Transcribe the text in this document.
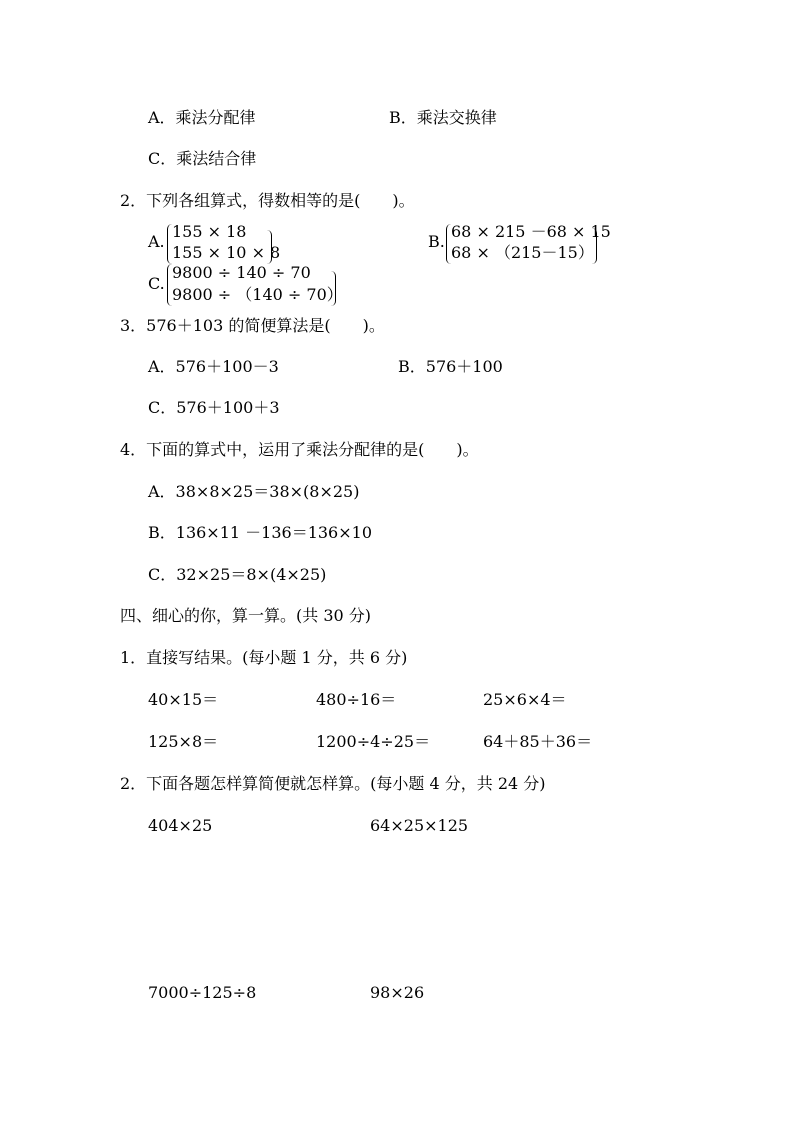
A．乘法分配律	B．乘法交换律
C．乘法结合律
2．下列各组算式，得数相等的是(　　)。
A.
155 × 18
155 × 10 × 8
B.
68 × 215 －68 × 15
68 × （215－15）
C.
9800 ÷ 140 ÷ 70
9800 ÷ （140 ÷ 70）
3．576＋103 的简便算法是(　　)。
A．576＋100－3	B．576＋100
C．576＋100＋3
4．下面的算式中，运用了乘法分配律的是(　　)。
A．38×8×25＝38×(8×25)
B．136×11 －136＝136×10
C．32×25＝8×(4×25)
四、细心的你，算一算。(共 30 分)
1．直接写结果。(每小题 1 分，共 6 分)
40×15＝	480÷16＝	25×6×4＝
125×8＝	1200÷4÷25＝	64＋85＋36＝
2．下面各题怎样算简便就怎样算。(每小题 4 分，共 24 分)
404×25	64×25×125
7000÷125÷8	98×26
